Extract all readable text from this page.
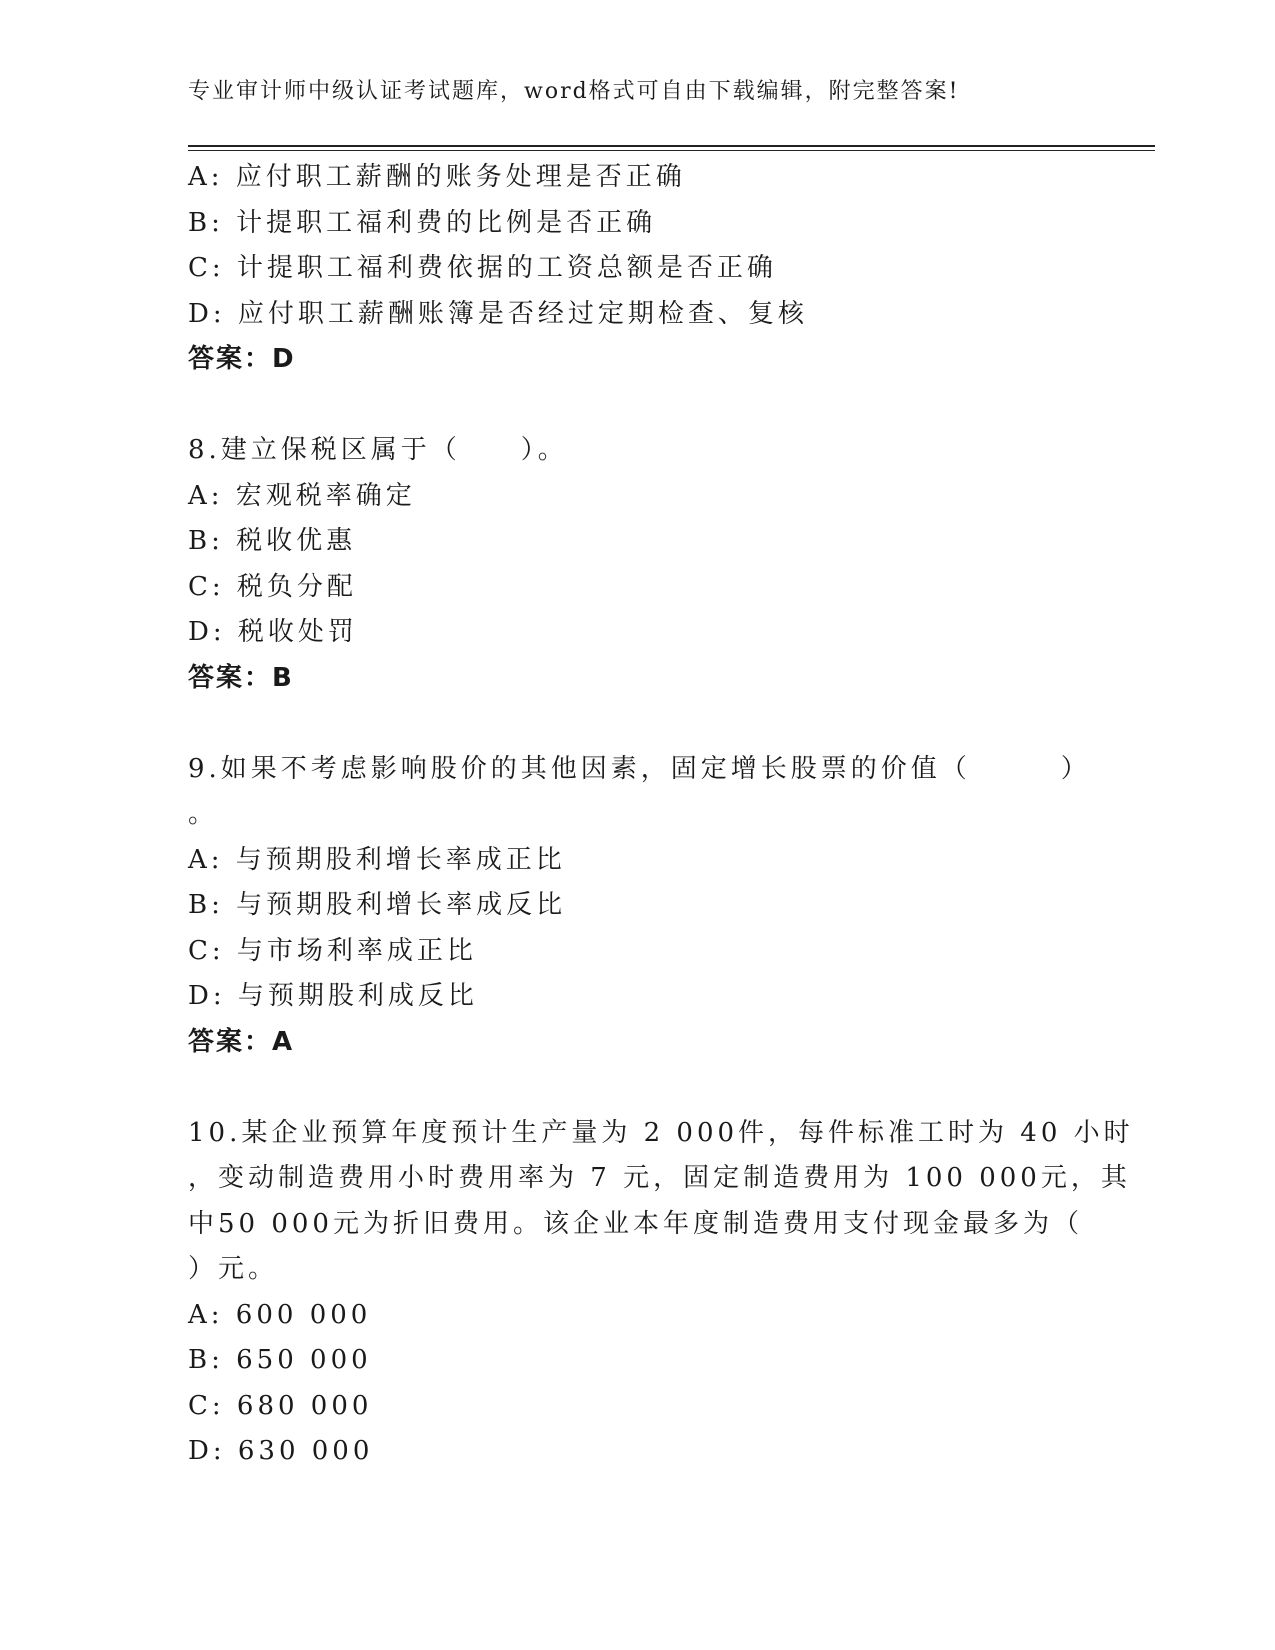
专业审计师中级认证考试题库，word格式可自由下载编辑，附完整答案!
A: 应付职工薪酬的账务处理是否正确
B: 计提职工福利费的比例是否正确
C: 计提职工福利费依据的工资总额是否正确
D: 应付职工薪酬账簿是否经过定期检查、复核
答案：D
8.建立保税区属于（　　）。
A: 宏观税率确定
B: 税收优惠
C: 税负分配
D: 税收处罚
答案：B
9.如果不考虑影响股价的其他因素，固定增长股票的价值（　　　）
。
A: 与预期股利增长率成正比
B: 与预期股利增长率成反比
C: 与市场利率成正比
D: 与预期股利成反比
答案：A
10.某企业预算年度预计生产量为 2 000件，每件标准工时为 40 小时
，变动制造费用小时费用率为 7 元，固定制造费用为 100 000元，其
中50 000元为折旧费用。该企业本年度制造费用支付现金最多为（
）元。
A: 600 000
B: 650 000
C: 680 000
D: 630 000
